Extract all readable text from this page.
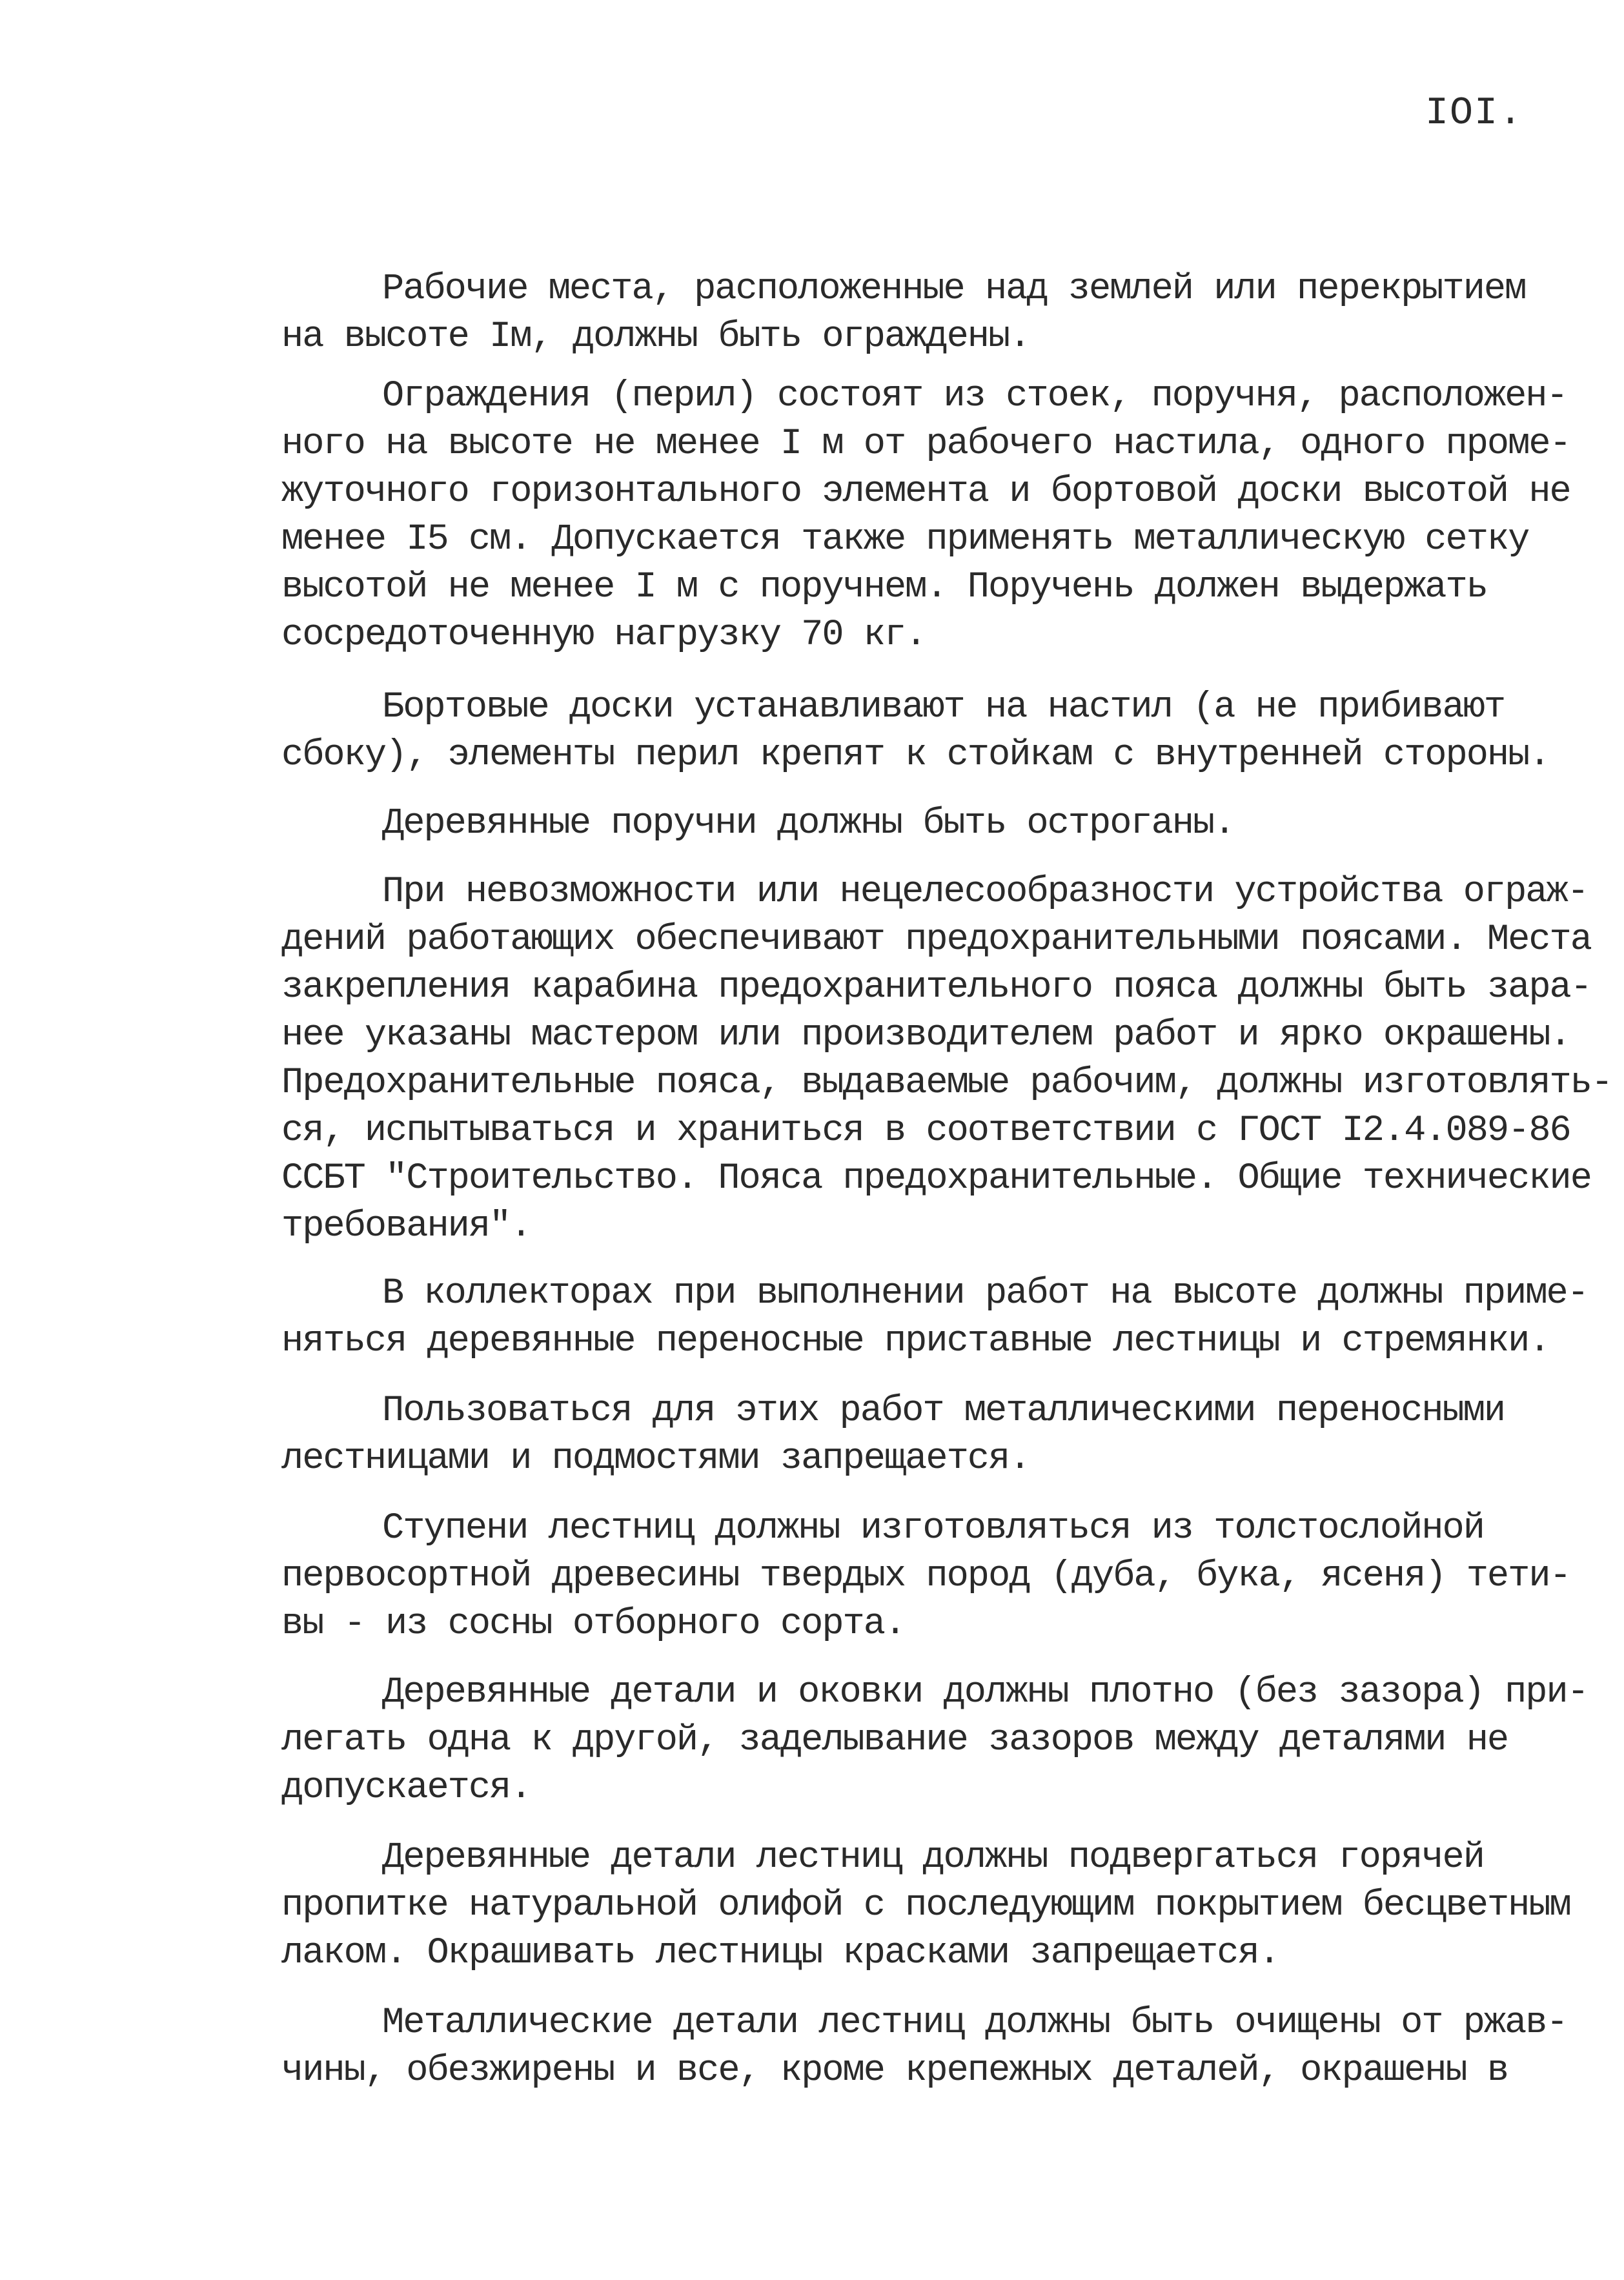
IOI.
Рабочие места, расположенные над землей или перекрытием
на высоте Iм, должны быть ограждены.
Ограждения (перил) состоят из стоек, поручня, расположен-
ного на высоте не менее I м от рабочего настила, одного проме-
жуточного горизонтального элемента и бортовой доски высотой не
менее I5 см. Допускается также применять металлическую сетку
высотой не менее I м с поручнем. Поручень должен выдержать
сосредоточенную нагрузку 70 кг.
Бортовые доски устанавливают на настил (а не прибивают
сбоку), элементы перил крепят к стойкам с внутренней стороны.
Деревянные поручни должны быть остроганы.
При невозможности или нецелесообразности устройства ограж-
дений работающих обеспечивают предохранительными поясами. Места
закрепления карабина предохранительного пояса должны быть зара-
нее указаны мастером или производителем работ и ярко окрашены.
Предохранительные пояса, выдаваемые рабочим, должны изготовлять-
ся, испытываться и храниться в соответствии с ГОСТ I2.4.089-86
ССБТ "Строительство. Пояса предохранительные. Общие технические
требования".
В коллекторах при выполнении работ на высоте должны приме-
няться деревянные переносные приставные лестницы и стремянки.
Пользоваться для этих работ металлическими переносными
лестницами и подмостями запрещается.
Ступени лестниц должны изготовляться из толстослойной
первосортной древесины твердых пород (дуба, бука, ясеня) тети-
вы - из сосны отборного сорта.
Деревянные детали и оковки должны плотно (без зазора) при-
легать одна к другой, заделывание зазоров между деталями не
допускается.
Деревянные детали лестниц должны подвергаться горячей
пропитке натуральной олифой с последующим покрытием бесцветным
лаком. Окрашивать лестницы красками запрещается.
Металлические детали лестниц должны быть очищены от ржав-
чины, обезжирены и все, кроме крепежных деталей, окрашены в
